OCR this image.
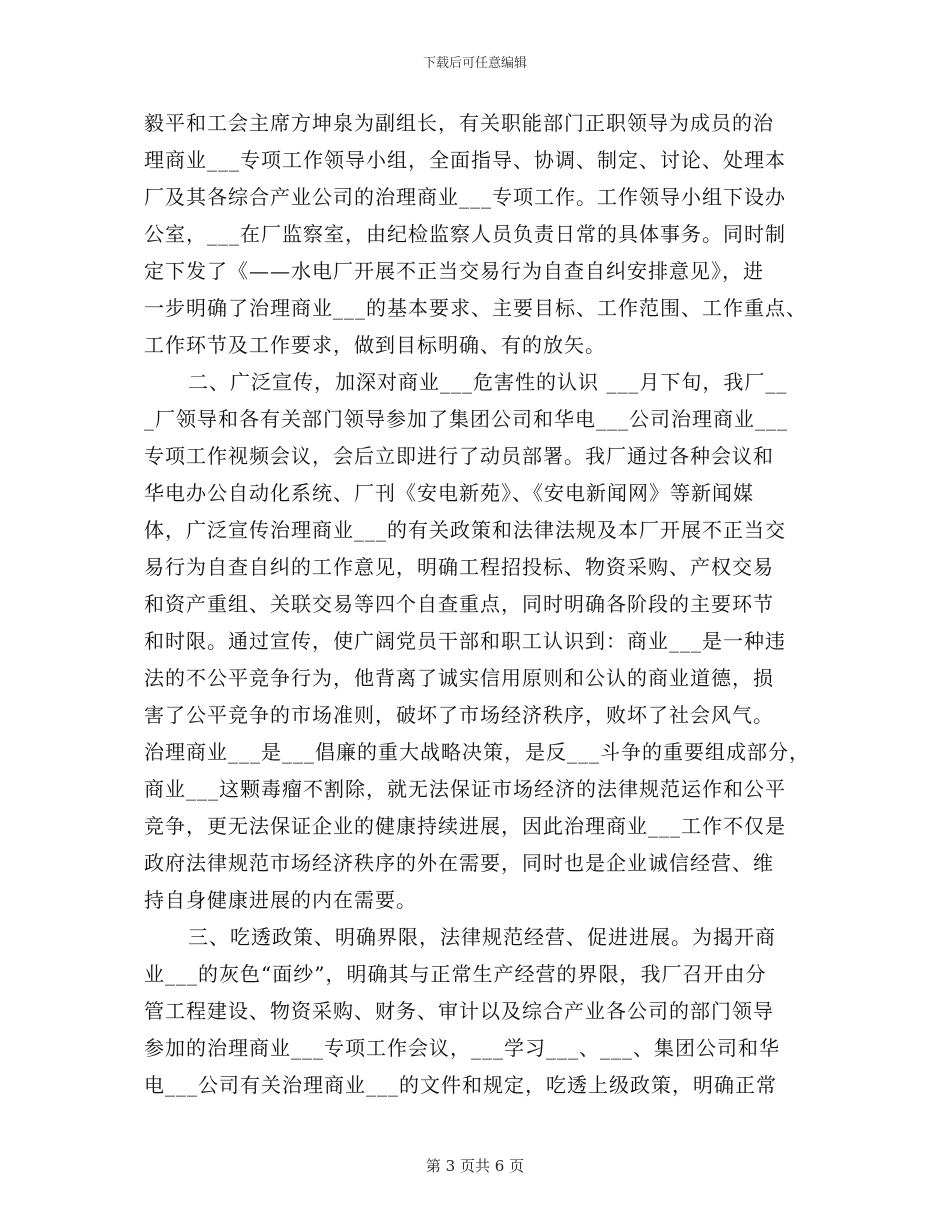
下载后可任意编辑
毅平和工会主席方坤泉为副组长，有关职能部门正职领导为成员的治
理商业___专项工作领导小组，全面指导、协调、制定、讨论、处理本
厂及其各综合产业公司的治理商业___专项工作。工作领导小组下设办
公室，___在厂监察室，由纪检监察人员负责日常的具体事务。同时制
定下发了《——水电厂开展不正当交易行为自查自纠安排意见》，进
一步明确了治理商业___的基本要求、主要目标、工作范围、工作重点、
工作环节及工作要求，做到目标明确、有的放矢。
二、广泛宣传，加深对商业___危害性的认识 ___月下旬，我厂__
_厂领导和各有关部门领导参加了集团公司和华电___公司治理商业___
专项工作视频会议，会后立即进行了动员部署。我厂通过各种会议和
华电办公自动化系统、厂刊《安电新苑》、《安电新闻网》等新闻媒
体，广泛宣传治理商业___的有关政策和法律法规及本厂开展不正当交
易行为自查自纠的工作意见，明确工程招投标、物资采购、产权交易
和资产重组、关联交易等四个自查重点，同时明确各阶段的主要环节
和时限。通过宣传，使广阔党员干部和职工认识到：商业___是一种违
法的不公平竞争行为，他背离了诚实信用原则和公认的商业道德，损
害了公平竞争的市场准则，破坏了市场经济秩序，败坏了社会风气。
治理商业___是___倡廉的重大战略决策，是反___斗争的重要组成部分，
商业___这颗毒瘤不割除，就无法保证市场经济的法律规范运作和公平
竞争，更无法保证企业的健康持续进展，因此治理商业___工作不仅是
政府法律规范市场经济秩序的外在需要，同时也是企业诚信经营、维
持自身健康进展的内在需要。
三、吃透政策、明确界限，法律规范经营、促进进展。为揭开商
业___的灰色“面纱”，明确其与正常生产经营的界限，我厂召开由分
管工程建设、物资采购、财务、审计以及综合产业各公司的部门领导
参加的治理商业___专项工作会议，___学习___、___、集团公司和华
电___公司有关治理商业___的文件和规定，吃透上级政策，明确正常
第 3 页共 6 页
